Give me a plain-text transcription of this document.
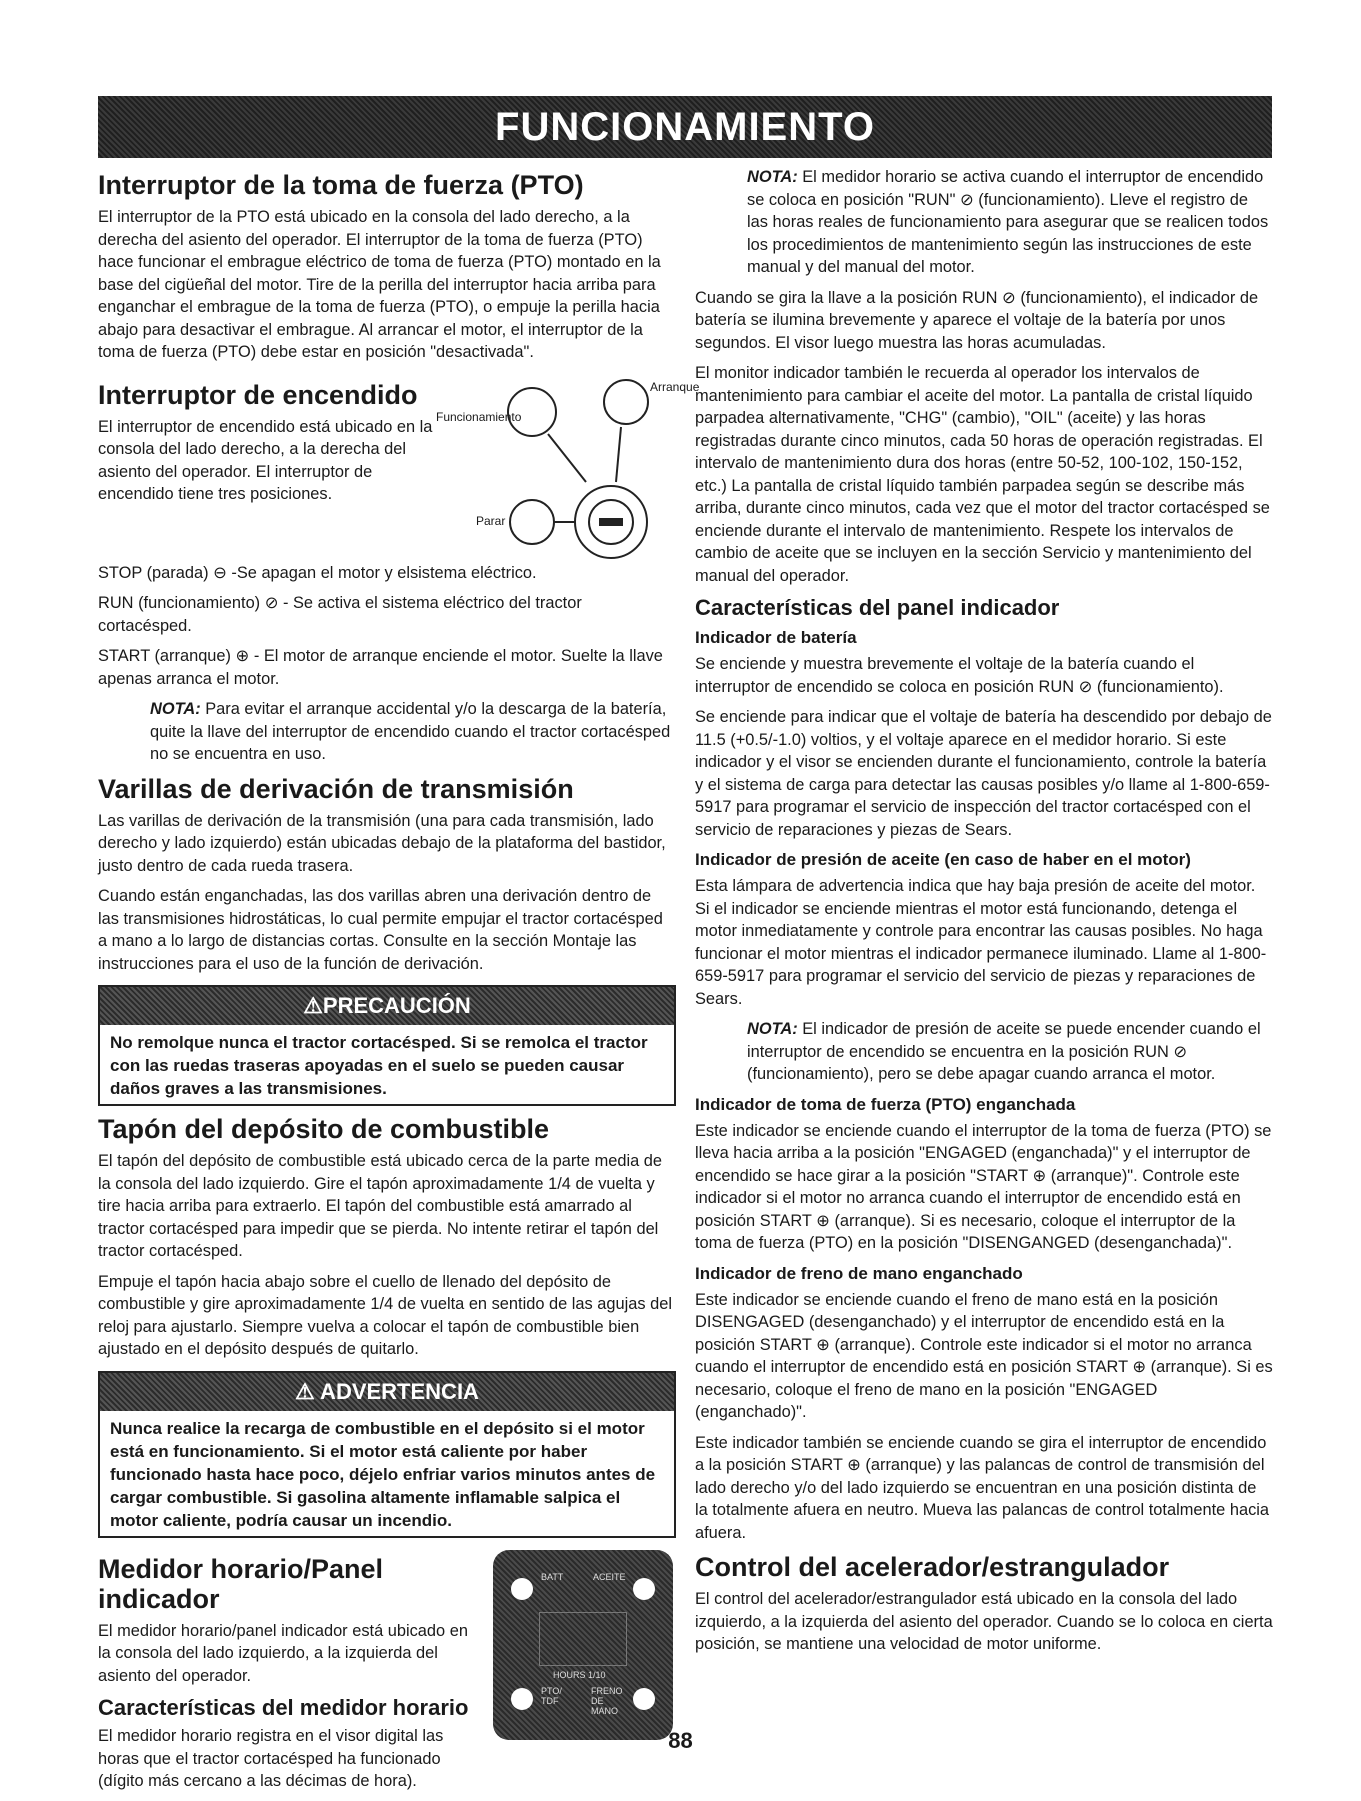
FUNCIONAMIENTO
Interruptor de la toma de fuerza (PTO)

El interruptor de la PTO está ubicado en la consola del lado derecho, a la derecha del asiento del operador. El interruptor de la toma de fuerza (PTO) hace funcionar el embrague eléctrico de toma de fuerza (PTO) montado en la base del cigüeñal del motor. Tire de la perilla del interruptor hacia arriba para enganchar el embrague de la toma de fuerza (PTO), o empuje la perilla hacia abajo para desactivar el embrague. Al arrancar el motor, el interruptor de la toma de fuerza (PTO) debe estar en posición "desactivada".

Interruptor de encendido

El interruptor de encendido está ubicado en la consola del lado derecho, a la derecha del asiento del operador. El interruptor de encendido tiene tres posiciones.

Funcionamiento
Arranque
Parar

STOP (parada) ⊖ -Se apagan el motor y elsistema eléctrico.

RUN (funcionamiento) ⊘ - Se activa el sistema eléctrico del tractor cortacésped.

START (arranque) ⊕ - El motor de arranque enciende el motor. Suelte la llave apenas arranca el motor.

NOTA: Para evitar el arranque accidental y/o la descarga de la batería, quite la llave del interruptor de encendido cuando el tractor cortacésped no se encuentra en uso.

Varillas de derivación de transmisión

Las varillas de derivación de la transmisión (una para cada transmisión, lado derecho y lado izquierdo) están ubicadas debajo de la plataforma del bastidor, justo dentro de cada rueda trasera.

Cuando están enganchadas, las dos varillas abren una derivación dentro de las transmisiones hidrostáticas, lo cual permite empujar el tractor cortacésped a mano a lo largo de distancias cortas. Consulte en la sección Montaje las instrucciones para el uso de la función de derivación.

⚠PRECAUCIÓN
No remolque nunca el tractor cortacésped. Si se remolca el tractor con las ruedas traseras apoyadas en el suelo se pueden causar daños graves a las transmisiones.
Tapón del depósito de combustible

El tapón del depósito de combustible está ubicado cerca de la parte media de la consola del lado izquierdo. Gire el tapón aproximadamente 1/4 de vuelta y tire hacia arriba para extraerlo. El tapón del combustible está amarrado al tractor cortacésped para impedir que se pierda. No intente retirar el tapón del tractor cortacésped.

Empuje el tapón hacia abajo sobre el cuello de llenado del depósito de combustible y gire aproximadamente 1/4 de vuelta en sentido de las agujas del reloj para ajustarlo. Siempre vuelva a colocar el tapón de combustible bien ajustado en el depósito después de quitarlo.

⚠ ADVERTENCIA
Nunca realice la recarga de combustible en el depósito si el motor está en funcionamiento. Si el motor está caliente por haber funcionado hasta hace poco, déjelo enfriar varios minutos antes de cargar combustible. Si gasolina altamente inflamable salpica el motor caliente, podría causar un incendio.
Medidor horario/Panel indicador

El medidor horario/panel indicador está ubicado en la consola del lado izquierdo, a la izquierda del asiento del operador.

Características del medidor horario

El medidor horario registra en el visor digital las horas que el tractor cortacésped ha funcionado (dígito más cercano a las décimas de hora).

BATT	ACEITE
HOURS 1/10
PTO/ TDF
FRENO DE MANO

NOTA: El medidor horario se activa cuando el interruptor de encendido se coloca en posición "RUN" ⊘ (funcionamiento). Lleve el registro de las horas reales de funcionamiento para asegurar que se realicen todos los procedimientos de mantenimiento según las instrucciones de este manual y del manual del motor.

Cuando se gira la llave a la posición RUN ⊘ (funcionamiento), el indicador de batería se ilumina brevemente y aparece el voltaje de la batería por unos segundos. El visor luego muestra las horas acumuladas.

El monitor indicador también le recuerda al operador los intervalos de mantenimiento para cambiar el aceite del motor. La pantalla de cristal líquido parpadea alternativamente, "CHG" (cambio), "OIL" (aceite) y las horas registradas durante cinco minutos, cada 50 horas de operación registradas. El intervalo de mantenimiento dura dos horas (entre 50-52, 100-102, 150-152, etc.) La pantalla de cristal líquido también parpadea según se describe más arriba, durante cinco minutos, cada vez que el motor del tractor cortacésped se enciende durante el intervalo de mantenimiento. Respete los intervalos de cambio de aceite que se incluyen en la sección Servicio y mantenimiento del manual del operador.

Características del panel indicador
Indicador de batería

Se enciende y muestra brevemente el voltaje de la batería cuando el interruptor de encendido se coloca en posición RUN ⊘ (funcionamiento).

Se enciende para indicar que el voltaje de batería ha descendido por debajo de 11.5 (+0.5/-1.0) voltios, y el voltaje aparece en el medidor horario. Si este indicador y el visor se encienden durante el funcionamiento, controle la batería y el sistema de carga para detectar las causas posibles y/o llame al 1-800-659-5917 para programar el servicio de inspección del tractor cortacésped con el servicio de reparaciones y piezas de Sears.

Indicador de presión de aceite (en caso de haber en el motor)

Esta lámpara de advertencia indica que hay baja presión de aceite del motor. Si el indicador se enciende mientras el motor está funcionando, detenga el motor inmediatamente y controle para encontrar las causas posibles. No haga funcionar el motor mientras el indicador permanece iluminado. Llame al 1-800-659-5917 para programar el servicio del servicio de piezas y reparaciones de Sears.

NOTA: El indicador de presión de aceite se puede encender cuando el interruptor de encendido se encuentra en la posición RUN ⊘ (funcionamiento), pero se debe apagar cuando arranca el motor.

Indicador de toma de fuerza (PTO) enganchada

Este indicador se enciende cuando el interruptor de la toma de fuerza (PTO) se lleva hacia arriba a la posición "ENGAGED (enganchada)" y el interruptor de encendido se hace girar a la posición "START ⊕ (arranque)". Controle este indicador si el motor no arranca cuando el interruptor de encendido está en posición START ⊕ (arranque). Si es necesario, coloque el interruptor de la toma de fuerza (PTO) en la posición "DISENGANGED (desenganchada)".

Indicador de freno de mano enganchado

Este indicador se enciende cuando el freno de mano está en la posición DISENGAGED (desenganchado) y el interruptor de encendido está en la posición START ⊕ (arranque). Controle este indicador si el motor no arranca cuando el interruptor de encendido está en posición START ⊕ (arranque). Si es necesario, coloque el freno de mano en la posición "ENGAGED (enganchado)".

Este indicador también se enciende cuando se gira el interruptor de encendido a la posición START ⊕ (arranque) y las palancas de control de transmisión del lado derecho y/o del lado izquierdo se encuentran en una posición distinta de la totalmente afuera en neutro. Mueva las palancas de control totalmente hacia afuera.

Control del acelerador/estrangulador

El control del acelerador/estrangulador está ubicado en la consola del lado izquierdo, a la izquierda del asiento del operador. Cuando se lo coloca en cierta posición, se mantiene una velocidad de motor uniforme.

88
